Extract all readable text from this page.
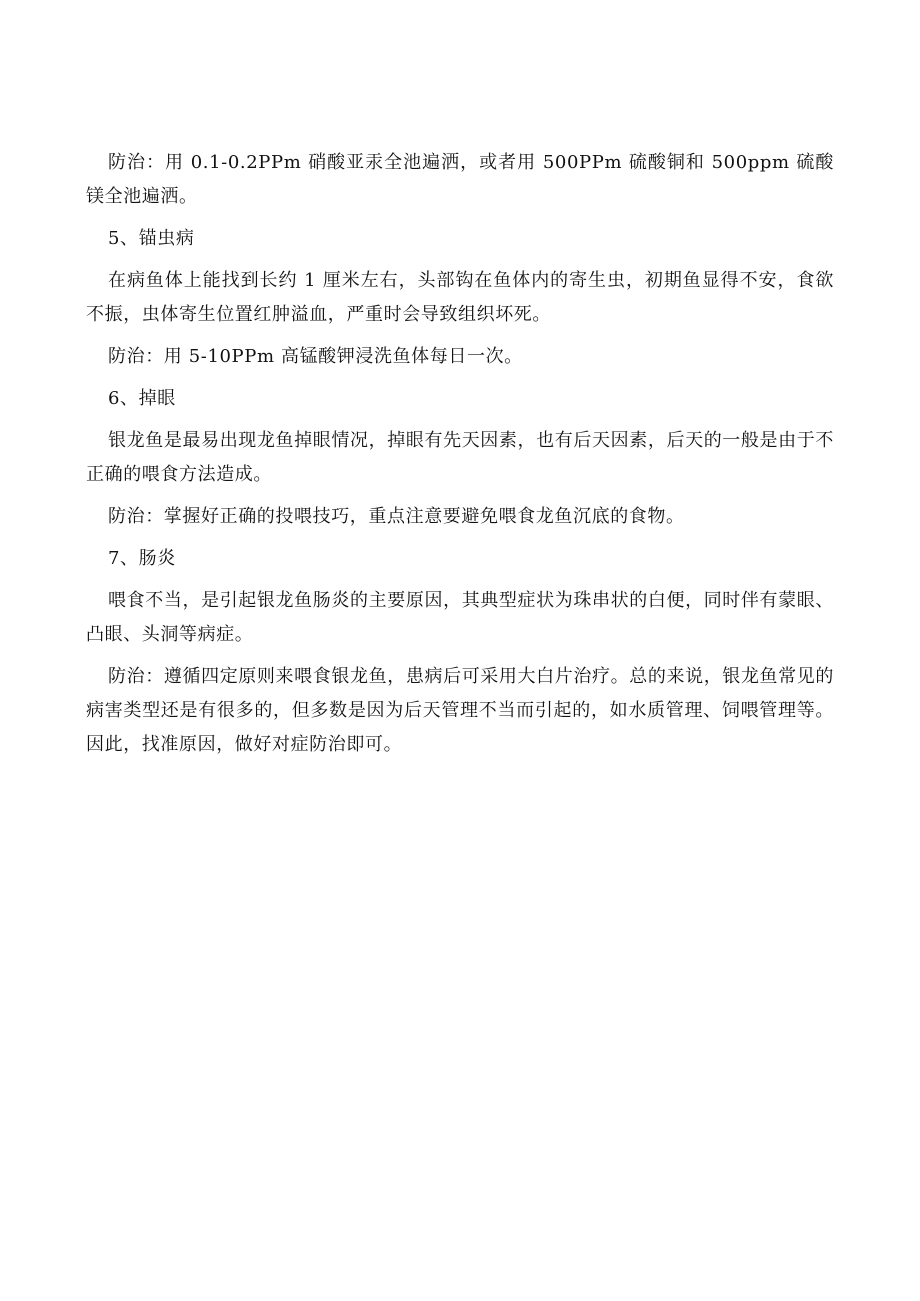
防治：用 0.1-0.2PPm 硝酸亚汞全池遍洒，或者用 500PPm 硫酸铜和 500ppm 硫酸镁全池遍洒。

5、锚虫病

在病鱼体上能找到长约 1 厘米左右，头部钩在鱼体内的寄生虫，初期鱼显得不安，食欲不振，虫体寄生位置红肿溢血，严重时会导致组织坏死。

防治：用 5-10PPm 高锰酸钾浸洗鱼体每日一次。

6、掉眼

银龙鱼是最易出现龙鱼掉眼情况，掉眼有先天因素，也有后天因素，后天的一般是由于不正确的喂食方法造成。

防治：掌握好正确的投喂技巧，重点注意要避免喂食龙鱼沉底的食物。

7、肠炎

喂食不当，是引起银龙鱼肠炎的主要原因，其典型症状为珠串状的白便，同时伴有蒙眼、凸眼、头洞等病症。

防治：遵循四定原则来喂食银龙鱼，患病后可采用大白片治疗。总的来说，银龙鱼常见的病害类型还是有很多的，但多数是因为后天管理不当而引起的，如水质管理、饲喂管理等。因此，找准原因，做好对症防治即可。
